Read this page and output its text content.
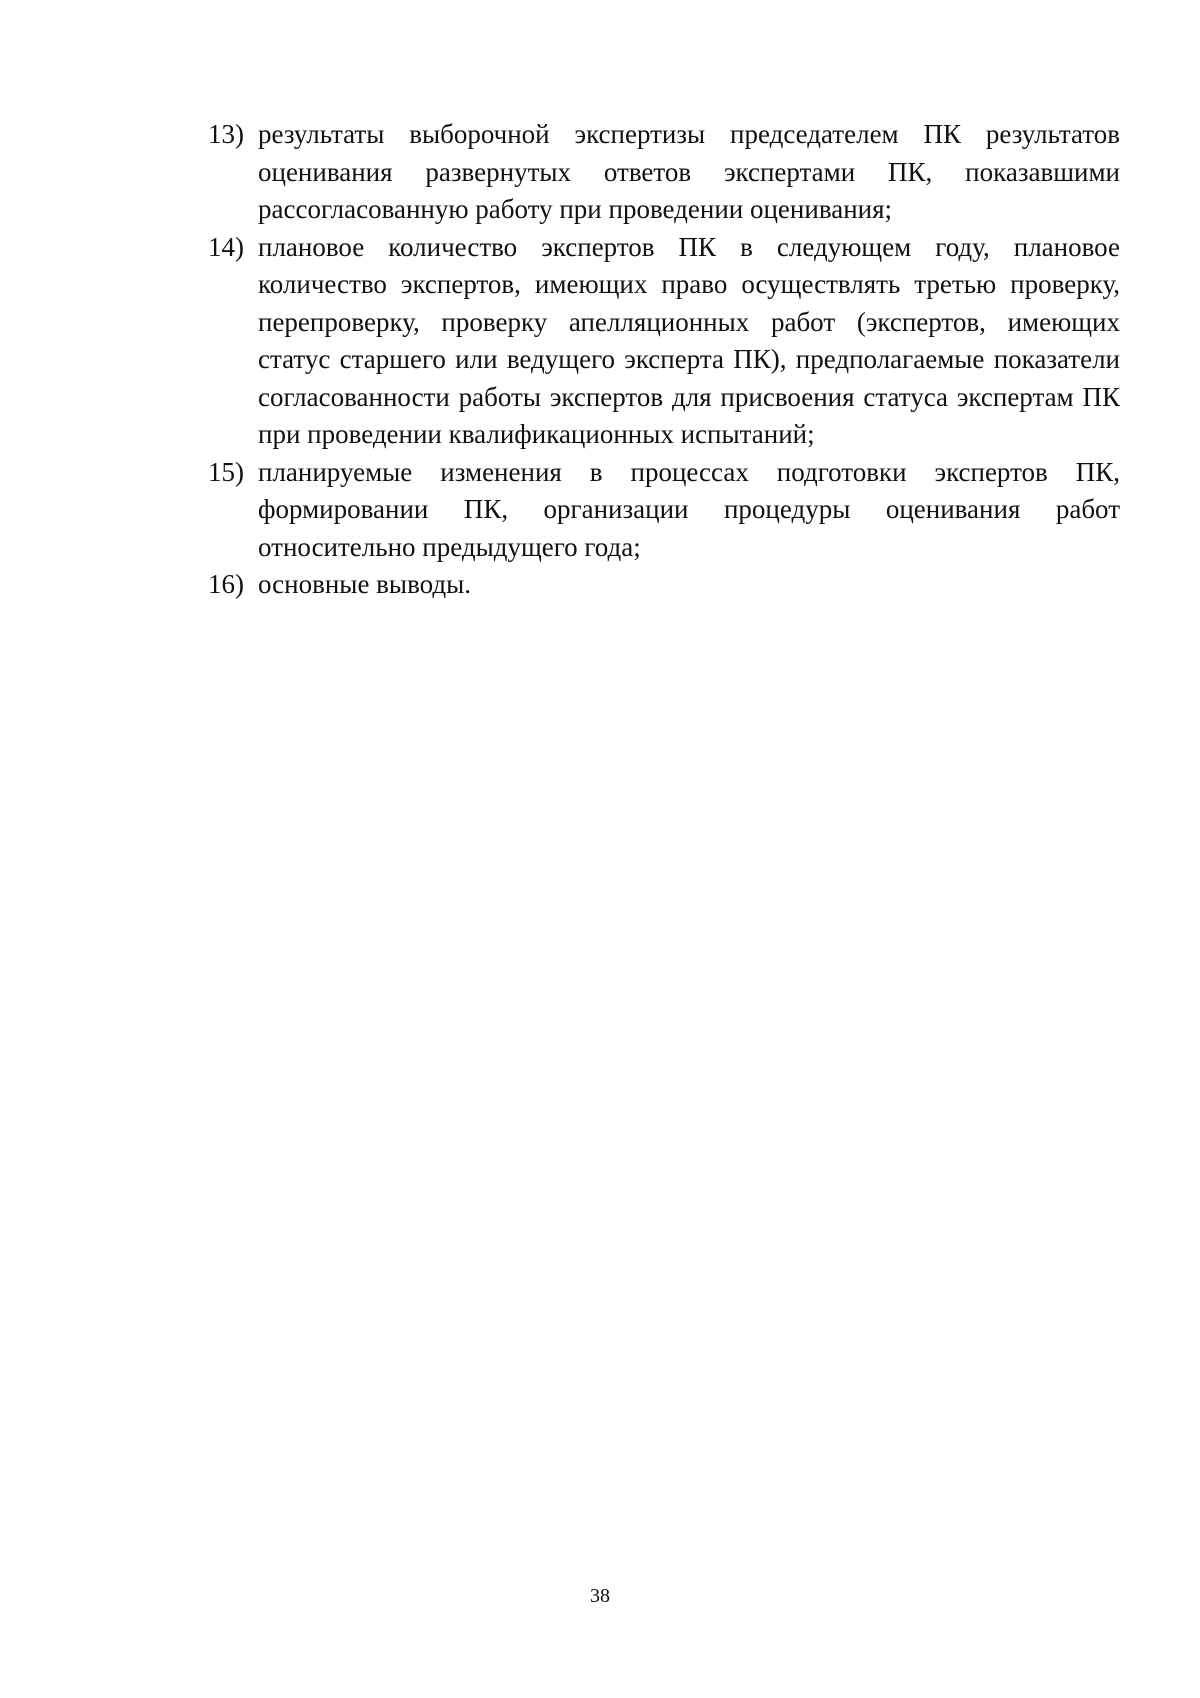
13) результаты выборочной экспертизы председателем ПК результатов оценивания развернутых ответов экспертами ПК, показавшими рассогласованную работу при проведении оценивания;
14) плановое количество экспертов ПК в следующем году, плановое количество экспертов, имеющих право осуществлять третью проверку, перепроверку, проверку апелляционных работ (экспертов, имеющих статус старшего или ведущего эксперта ПК), предполагаемые показатели согласованности работы экспертов для присвоения статуса экспертам ПК при проведении квалификационных испытаний;
15) планируемые изменения в процессах подготовки экспертов ПК, формировании ПК, организации процедуры оценивания работ относительно предыдущего года;
16) основные выводы.
38
